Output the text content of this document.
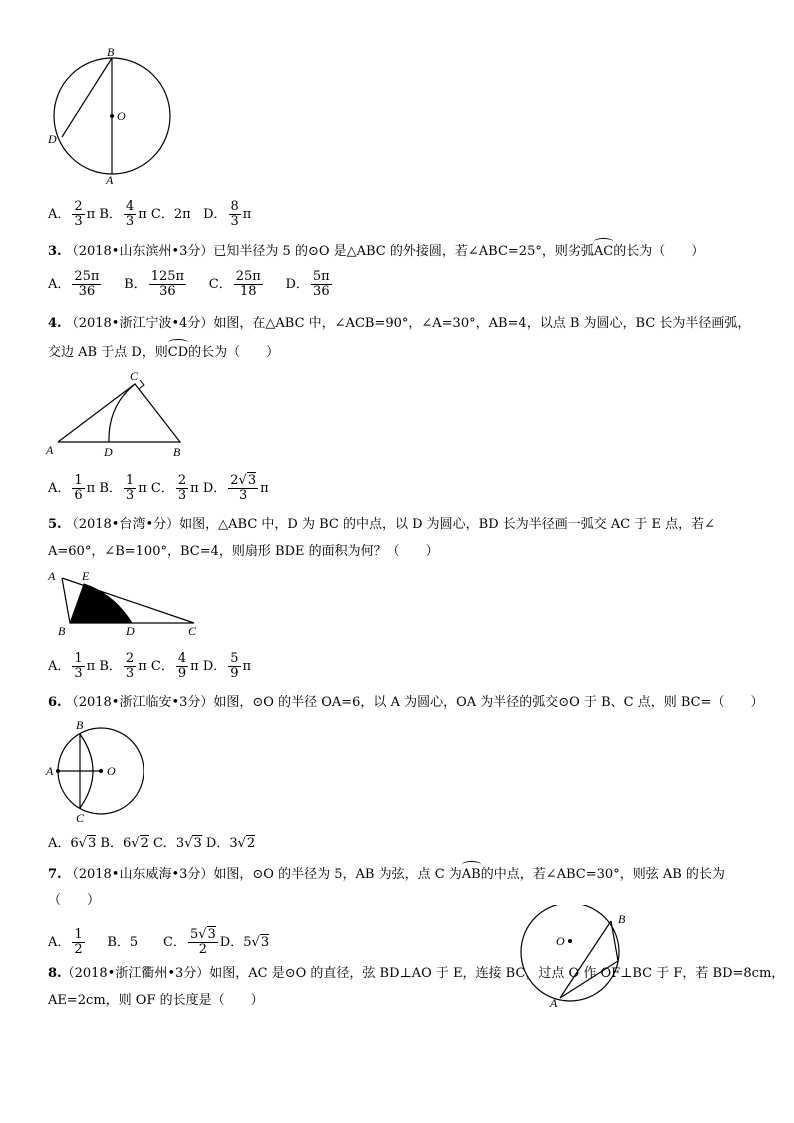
B
O
D
A
A． $\frac{2}{3}$ π B． $\frac{4}{3}$ π C．2π D． $\frac{8}{3}$ π
3. （2018•山东滨州•3分）已知半径为 5 的⊙O 是△ABC 的外接圆，若∠ABC=25°，则劣弧AC的长为（　　）
A． $\frac{25\pi}{36}$ B． $\frac{125\pi}{36}$ C． $\frac{25\pi}{18}$ D． $\frac{5\pi}{36}$
4. （2018•浙江宁波•4分）如图，在△ABC 中，∠ACB=90°，∠A=30°，AB=4，以点 B 为圆心，BC 长为半径画弧，
交边 AB 于点 D，则CD的长为（　　）
C
A	D	B
A． $\frac{1}{6}$ π B． $\frac{1}{3}$ π C． $\frac{2}{3}$ π D． $\frac{2√3}{3}$ π
5. （2018•台湾•分）如图，△ABC 中，D 为 BC 的中点，以 D 为圆心，BD 长为半径画一弧交 AC 于 E 点，若∠
A=60°，∠B=100°，BC=4，则扇形 BDE 的面积为何？（　　）
A E
B	D	C
A． $\frac{1}{3}$ π B． $\frac{2}{3}$ π C． $\frac{4}{9}$ π D． $\frac{5}{9}$ π
6. （2018•浙江临安•3分）如图，⊙O 的半径 OA=6，以 A 为圆心，OA 为半径的弧交⊙O 于 B、C 点，则 BC=（　　）
B
A	O
C
A．6√3 B．6√2 C．3√3 D．3√2
7. （2018•山东威海•3分）如图，⊙O 的半径为 5，AB 为弦，点 C 为AB的中点，若∠ABC=30°，则弦 AB 的长为
（　　）
A． $\frac{1}{2}$ B．5 C． $\frac{5√3}{2}$ D．5√3	O
B
A
8.（2018•浙江衢州•3分）如图，AC 是⊙O 的直径，弦 BD⊥AO 于 E，连接 BC，过点 O 作 OF⊥BC 于 F，若 BD=8cm，
AE=2cm，则 OF 的长度是（　　）
